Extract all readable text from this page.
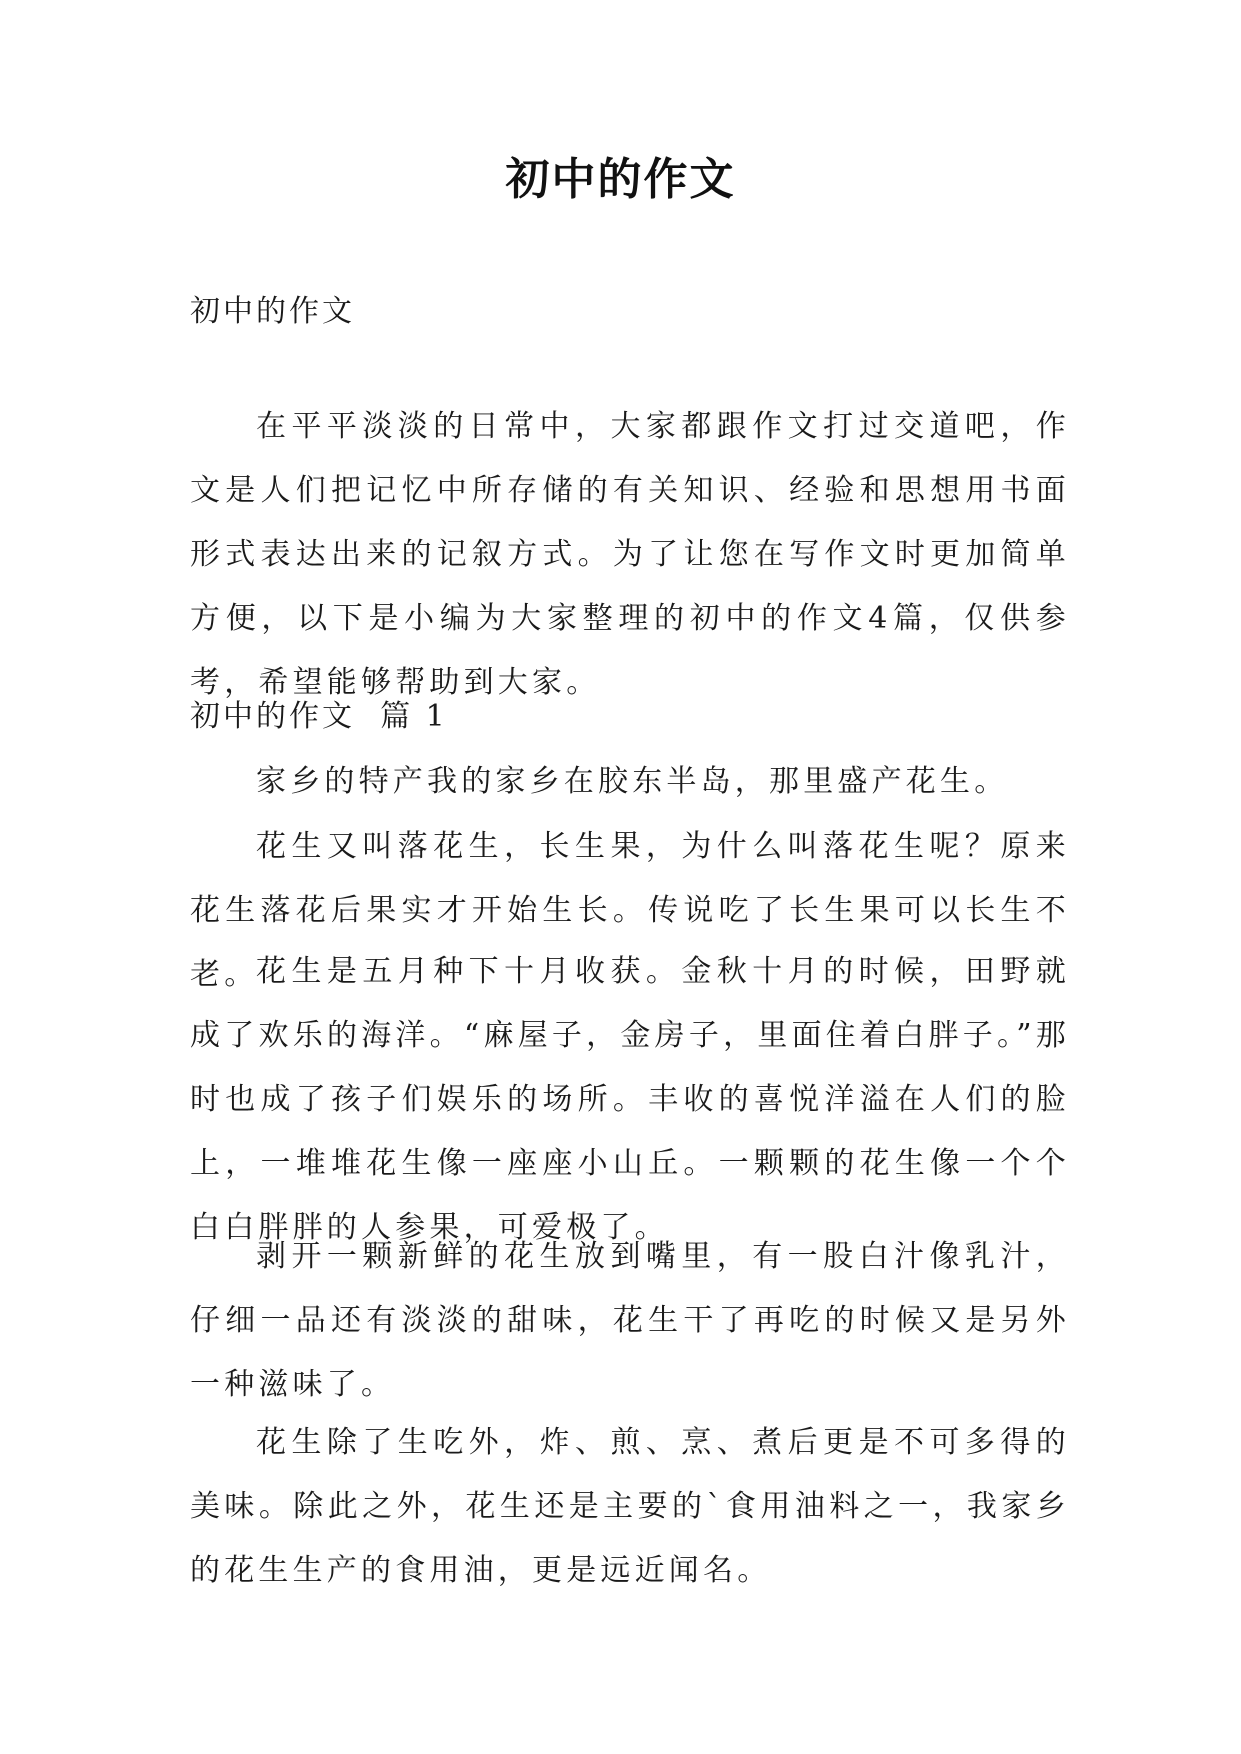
初中的作文
初中的作文

在平平淡淡的日常中，大家都跟作文打过交道吧，作文是人们把记忆中所存储的有关知识、经验和思想用书面形式表达出来的记叙方式。为了让您在写作文时更加简单方便，以下是小编为大家整理的初中的作文4篇，仅供参考，希望能够帮助到大家。

初中的作文  篇 1

家乡的特产我的家乡在胶东半岛，那里盛产花生。

花生又叫落花生，长生果，为什么叫落花生呢？原来花生落花后果实才开始生长。传说吃了长生果可以长生不老。

花生是五月种下十月收获。金秋十月的时候，田野就成了欢乐的海洋。“麻屋子，金房子，里面住着白胖子。”那时也成了孩子们娱乐的场所。丰收的喜悦洋溢在人们的脸上，一堆堆花生像一座座小山丘。一颗颗的花生像一个个白白胖胖的人参果，可爱极了。

剥开一颗新鲜的花生放到嘴里，有一股白汁像乳汁，仔细一品还有淡淡的甜味，花生干了再吃的时候又是另外一种滋味了。

花生除了生吃外，炸、煎、烹、煮后更是不可多得的美味。除此之外，花生还是主要的`食用油料之一，我家乡的花生生产的食用油，更是远近闻名。
